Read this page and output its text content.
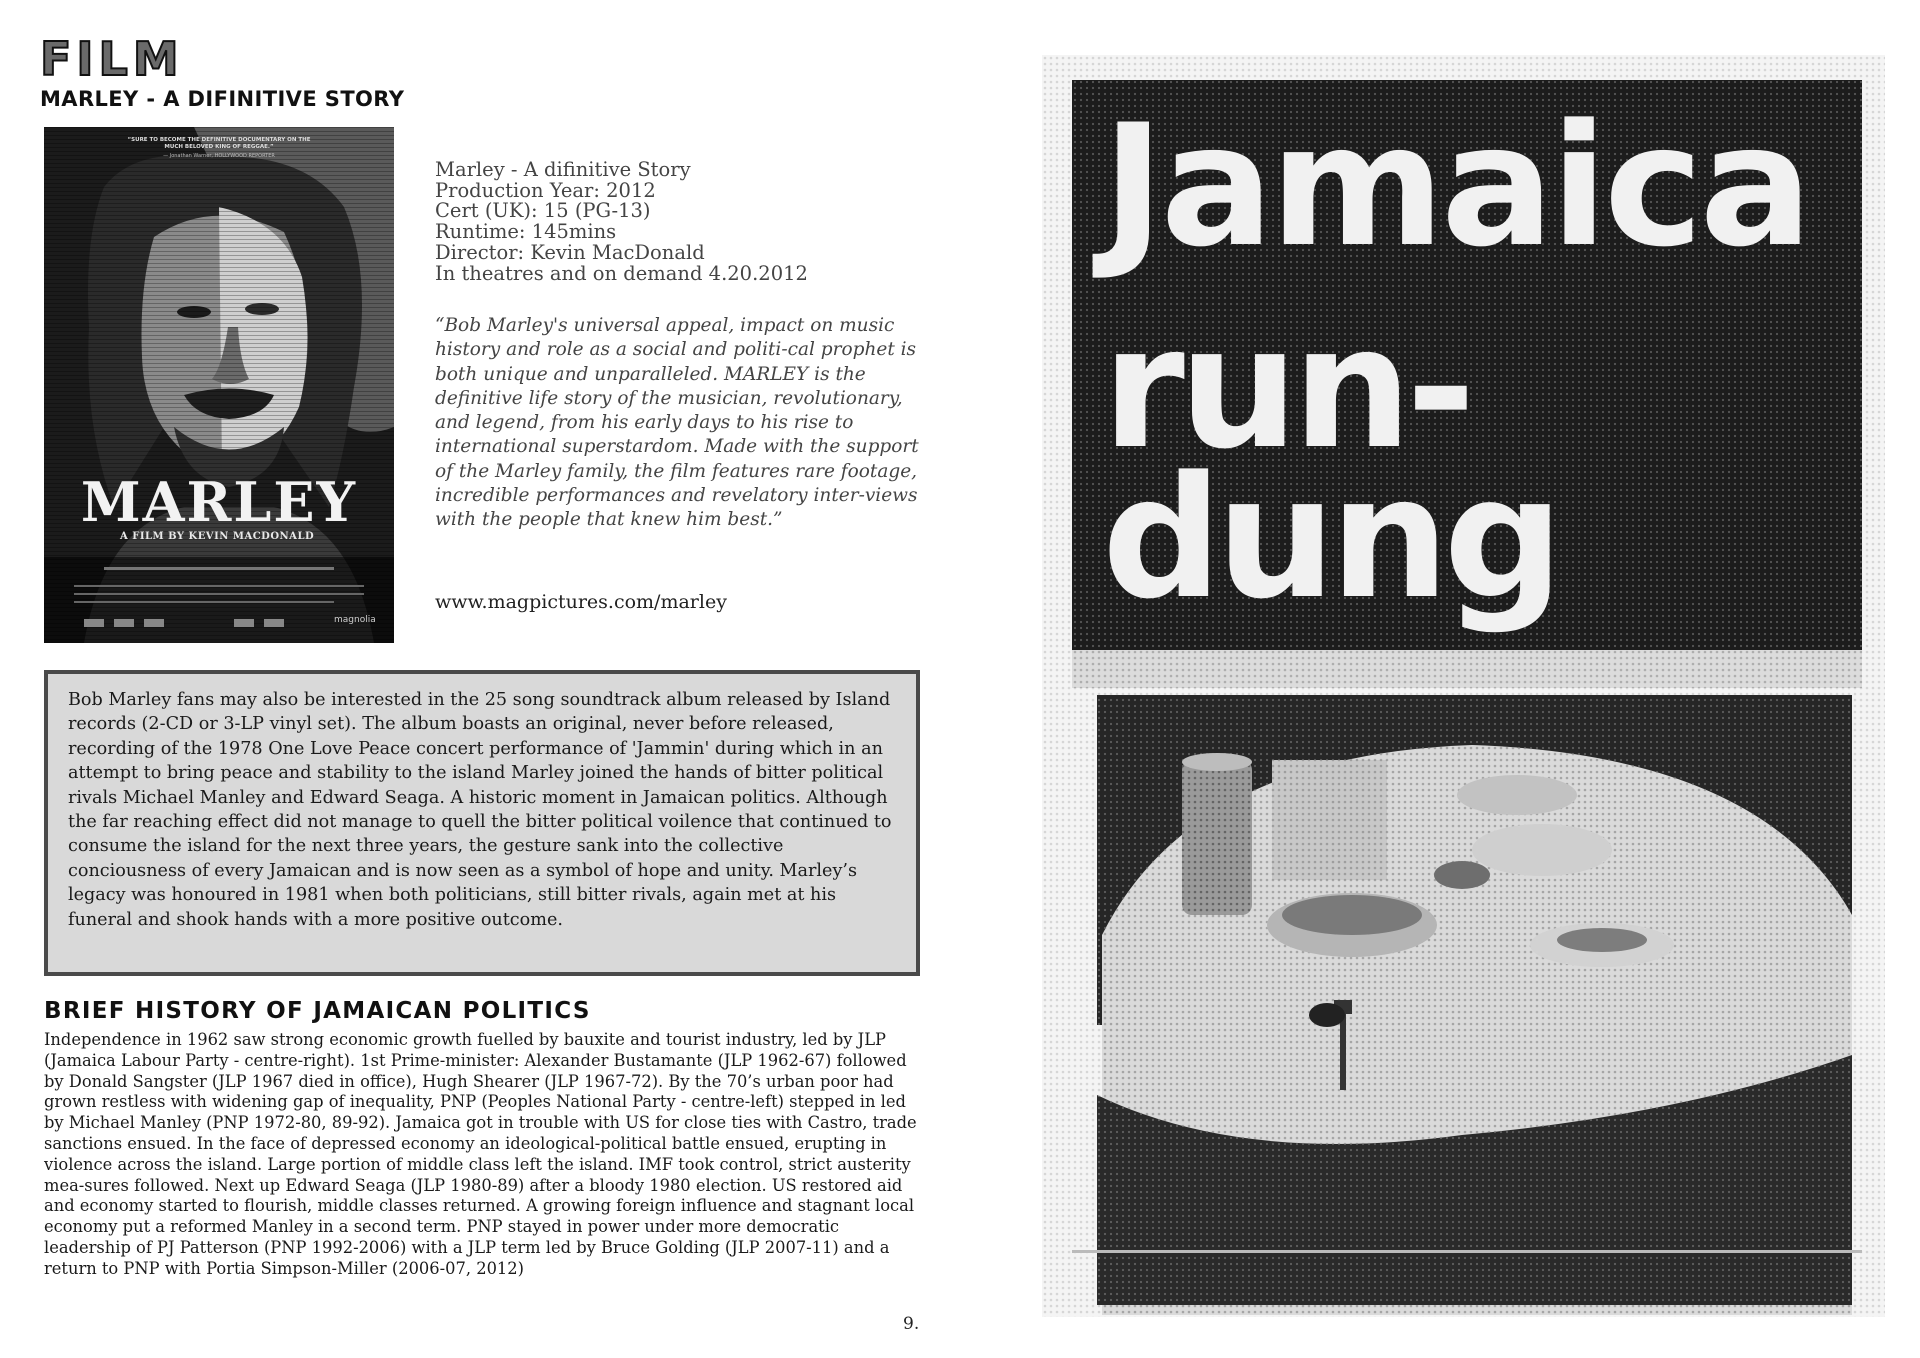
FILM
MARLEY - A DIFINITIVE STORY
“SURE TO BECOME THE DEFINITIVE DOCUMENTARY ON THE MUCH BELOVED KING OF REGGAE.”
— Jonathan Warner, HOLLYWOOD REPORTER
MARLEY
A FILM BY KEVIN MACDONALD
magnolia
Marley - A difinitive Story
Production Year: 2012
Cert (UK): 15 (PG-13)
Runtime: 145mins
Director: Kevin MacDonald
In theatres and on demand 4.20.2012

“Bob Marley's universal appeal, impact on music history and role as a social and politi-cal prophet is both unique and unparalleled. MARLEY is the definitive life story of the musician, revolutionary, and legend, from his early days to his rise to international superstardom. Made with the support of the Marley family, the film features rare footage, incredible performances and revelatory inter-views with the people that knew him best.”

www.magpictures.com/marley

Bob Marley fans may also be interested in the 25 song soundtrack album released by Island records (2-CD or 3-LP vinyl set). The album boasts an original, never before released, recording of the 1978 One Love Peace concert performance of 'Jammin' during which in an attempt to bring peace and stability to the island Marley joined the hands of bitter political rivals Michael Manley and Edward Seaga. A historic moment in Jamaican politics. Although the far reaching effect did not manage to quell the bitter political voilence that continued to consume the island for the next three years, the gesture sank into the collective conciousness of every Jamaican and is now seen as a symbol of hope and unity. Marley’s legacy was honoured in 1981 when both politicians, still bitter rivals, again met at his funeral and shook hands with a more positive outcome.

BRIEF HISTORY OF JAMAICAN POLITICS

Independence in 1962 saw strong economic growth fuelled by bauxite and tourist industry, led by JLP (Jamaica Labour Party - centre-right). 1st Prime-minister: Alexander Bustamante (JLP 1962-67) followed by Donald Sangster (JLP 1967 died in office), Hugh Shearer (JLP 1967-72). By the 70’s urban poor had grown restless with widening gap of inequality, PNP (Peoples National Party - centre-left) stepped in led by Michael Manley (PNP 1972-80, 89-92). Jamaica got in trouble with US for close ties with Castro, trade sanctions ensued. In the face of depressed economy an ideological-political battle ensued, erupting in violence across the island. Large portion of middle class left the island. IMF took control, strict austerity mea-sures followed. Next up Edward Seaga (JLP 1980-89) after a bloody 1980 election. US restored aid and economy started to flourish, middle classes returned. A growing foreign influence and stagnant local economy put a reformed Manley in a second term. PNP stayed in power under more democratic leadership of PJ Patterson (PNP 1992-2006) with a JLP term led by Bruce Golding (JLP 2007-11) and a return to PNP with Portia Simpson-Miller (2006-07, 2012)

9.
Jamaica
run-dung
